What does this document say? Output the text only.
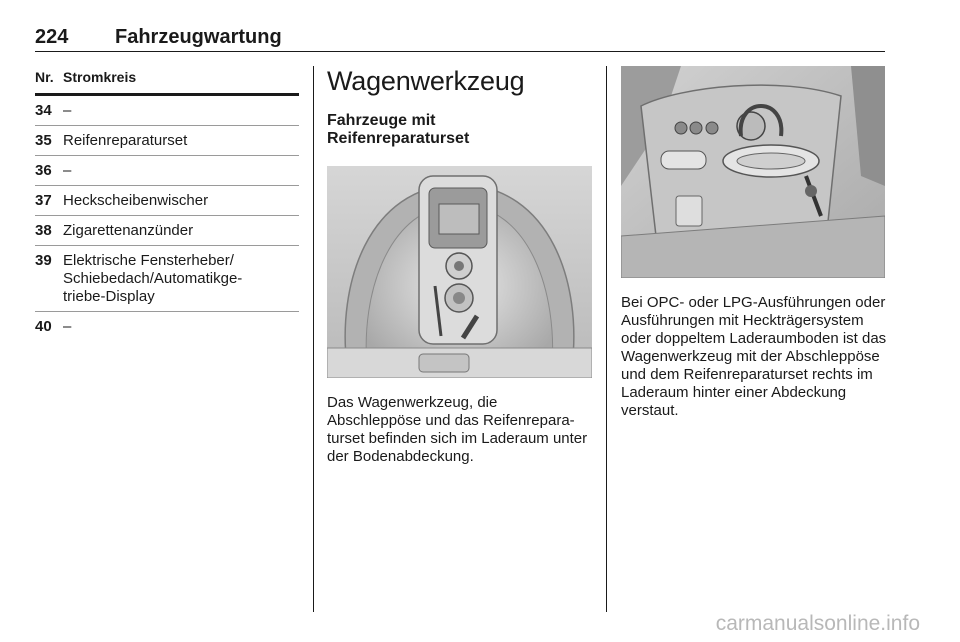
224 Fahrzeugwartung
Nr. Stromkreis
34 –
35 Reifenreparaturset
36 –
37 Heckscheibenwischer
38 Zigarettenanzünder
39 Elektrische Fensterheber/ Schiebedach/Automatikgetriebe-Display
40 –
Wagenwerkzeug
Fahrzeuge mit Reifenreparaturset
Das Wagenwerkzeug, die Abschleppöse und das Reifenreparaturset befinden sich im Laderaum unter der Bodenabdeckung.
Bei OPC- oder LPG-Ausführungen oder Ausführungen mit Heckträgersystem oder doppeltem Laderaumboden ist das Wagenwerkzeug mit der Abschleppöse und dem Reifenreparaturset rechts im Laderaum hinter einer Abdeckung verstaut.
carmanualsonline.info
